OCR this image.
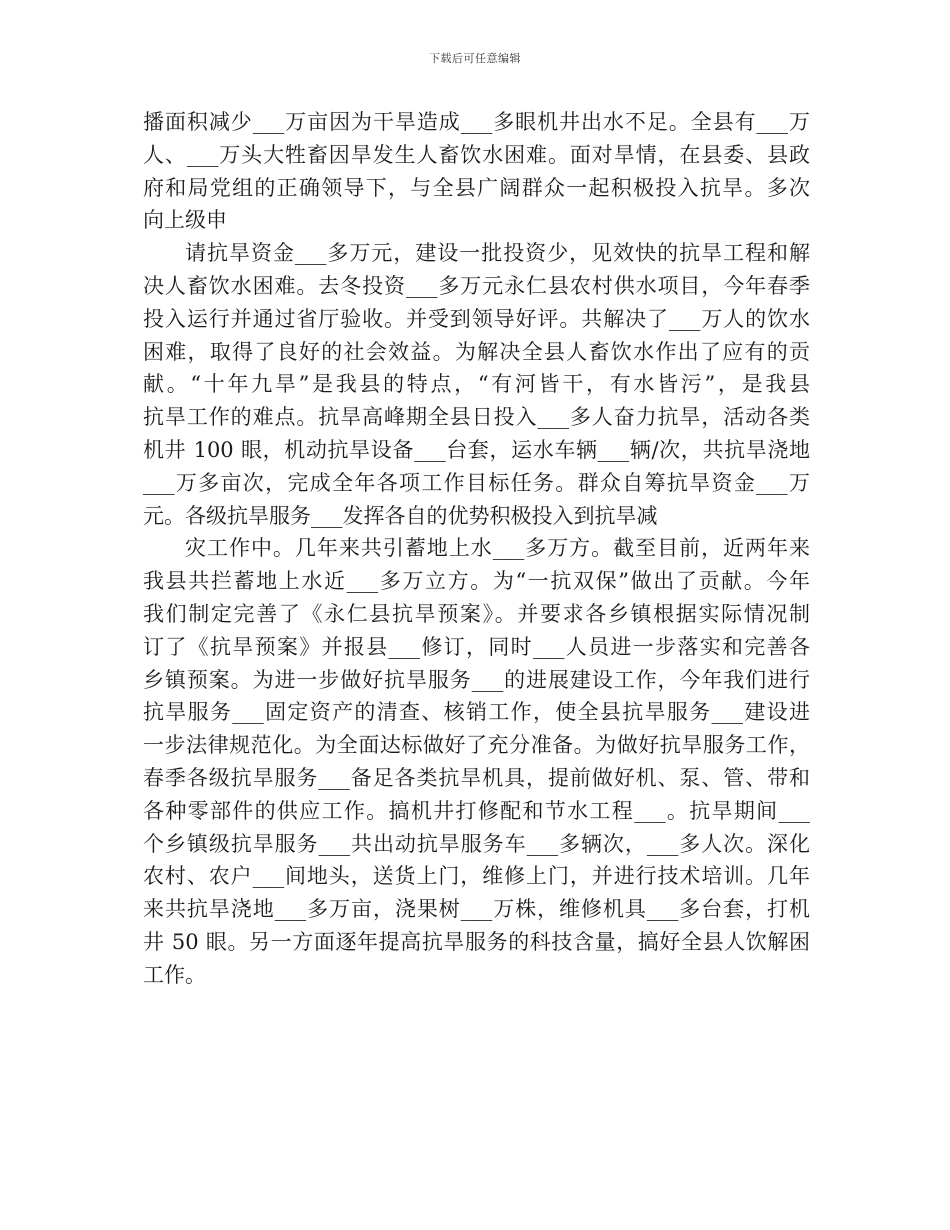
下载后可任意编辑
播面积减少___万亩因为干旱造成___多眼机井出水不足。全县有___万
人、___万头大牲畜因旱发生人畜饮水困难。面对旱情，在县委、县政
府和局党组的正确领导下，与全县广阔群众一起积极投入抗旱。多次
向上级申
请抗旱资金___多万元，建设一批投资少，见效快的抗旱工程和解
决人畜饮水困难。去冬投资___多万元永仁县农村供水项目，今年春季
投入运行并通过省厅验收。并受到领导好评。共解决了___万人的饮水
困难，取得了良好的社会效益。为解决全县人畜饮水作出了应有的贡
献。“十年九旱”是我县的特点，“有河皆干，有水皆污”，是我县
抗旱工作的难点。抗旱高峰期全县日投入___多人奋力抗旱，活动各类
机井 100 眼，机动抗旱设备___台套，运水车辆___辆/次，共抗旱浇地
___万多亩次，完成全年各项工作目标任务。群众自筹抗旱资金___万
元。各级抗旱服务___发挥各自的优势积极投入到抗旱减
灾工作中。几年来共引蓄地上水___多万方。截至目前，近两年来
我县共拦蓄地上水近___多万立方。为“一抗双保”做出了贡献。今年
我们制定完善了《永仁县抗旱预案》。并要求各乡镇根据实际情况制
订了《抗旱预案》并报县___修订，同时___人员进一步落实和完善各
乡镇预案。为进一步做好抗旱服务___的进展建设工作，今年我们进行
抗旱服务___固定资产的清查、核销工作，使全县抗旱服务___建设进
一步法律规范化。为全面达标做好了充分准备。为做好抗旱服务工作，
春季各级抗旱服务___备足各类抗旱机具，提前做好机、泵、管、带和
各种零部件的供应工作。搞机井打修配和节水工程___。抗旱期间___
个乡镇级抗旱服务___共出动抗旱服务车___多辆次，___多人次。深化
农村、农户___间地头，送货上门，维修上门，并进行技术培训。几年
来共抗旱浇地___多万亩，浇果树___万株，维修机具___多台套，打机
井 50 眼。另一方面逐年提高抗旱服务的科技含量，搞好全县人饮解困
工作。
